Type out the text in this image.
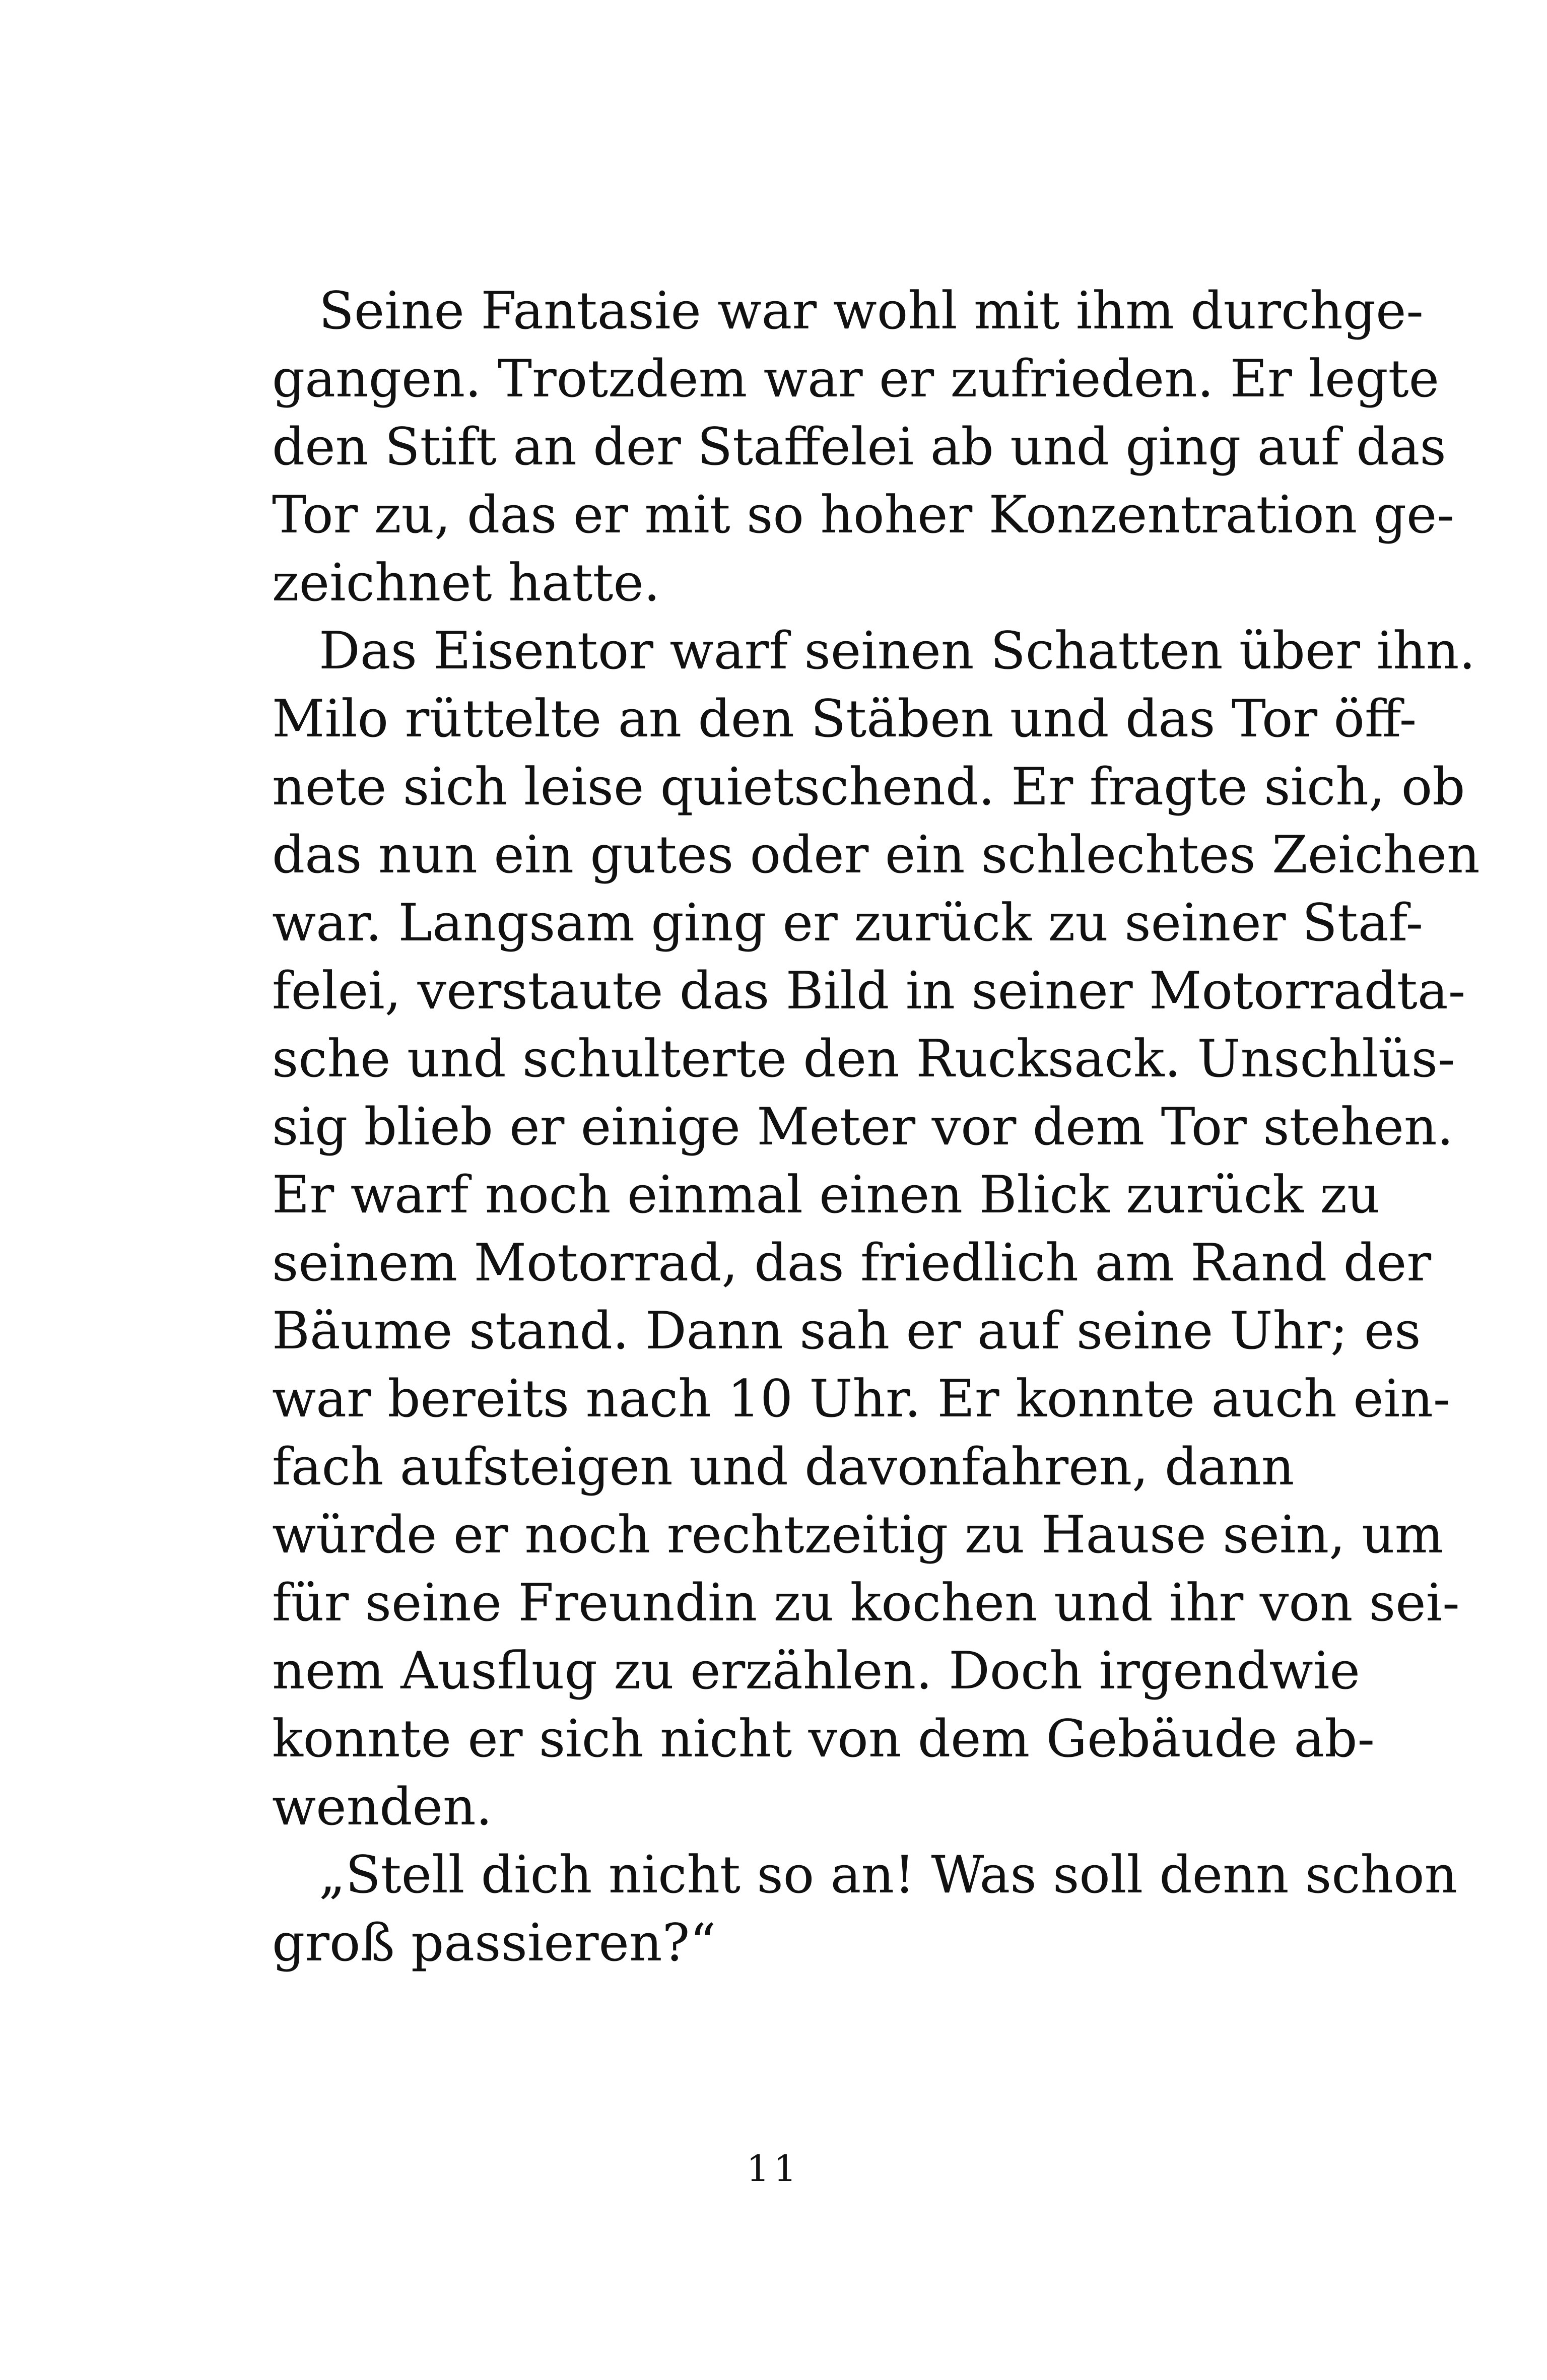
Seine Fantasie war wohl mit ihm durchge-
gangen. Trotzdem war er zufrieden. Er legte
den Stift an der Staffelei ab und ging auf das
Tor zu, das er mit so hoher Konzentration ge-
zeichnet hatte.
Das Eisentor warf seinen Schatten über ihn.
Milo rüttelte an den Stäben und das Tor öff-
nete sich leise quietschend. Er fragte sich, ob
das nun ein gutes oder ein schlechtes Zeichen
war. Langsam ging er zurück zu seiner Staf-
felei, verstaute das Bild in seiner Motorradta-
sche und schulterte den Rucksack. Unschlüs-
sig blieb er einige Meter vor dem Tor stehen.
Er warf noch einmal einen Blick zurück zu
seinem Motorrad, das friedlich am Rand der
Bäume stand. Dann sah er auf seine Uhr; es
war bereits nach 10 Uhr. Er konnte auch ein-
fach aufsteigen und davonfahren, dann
würde er noch rechtzeitig zu Hause sein, um
für seine Freundin zu kochen und ihr von sei-
nem Ausflug zu erzählen. Doch irgendwie
konnte er sich nicht von dem Gebäude ab-
wenden.
„Stell dich nicht so an! Was soll denn schon
groß passieren?“
11
